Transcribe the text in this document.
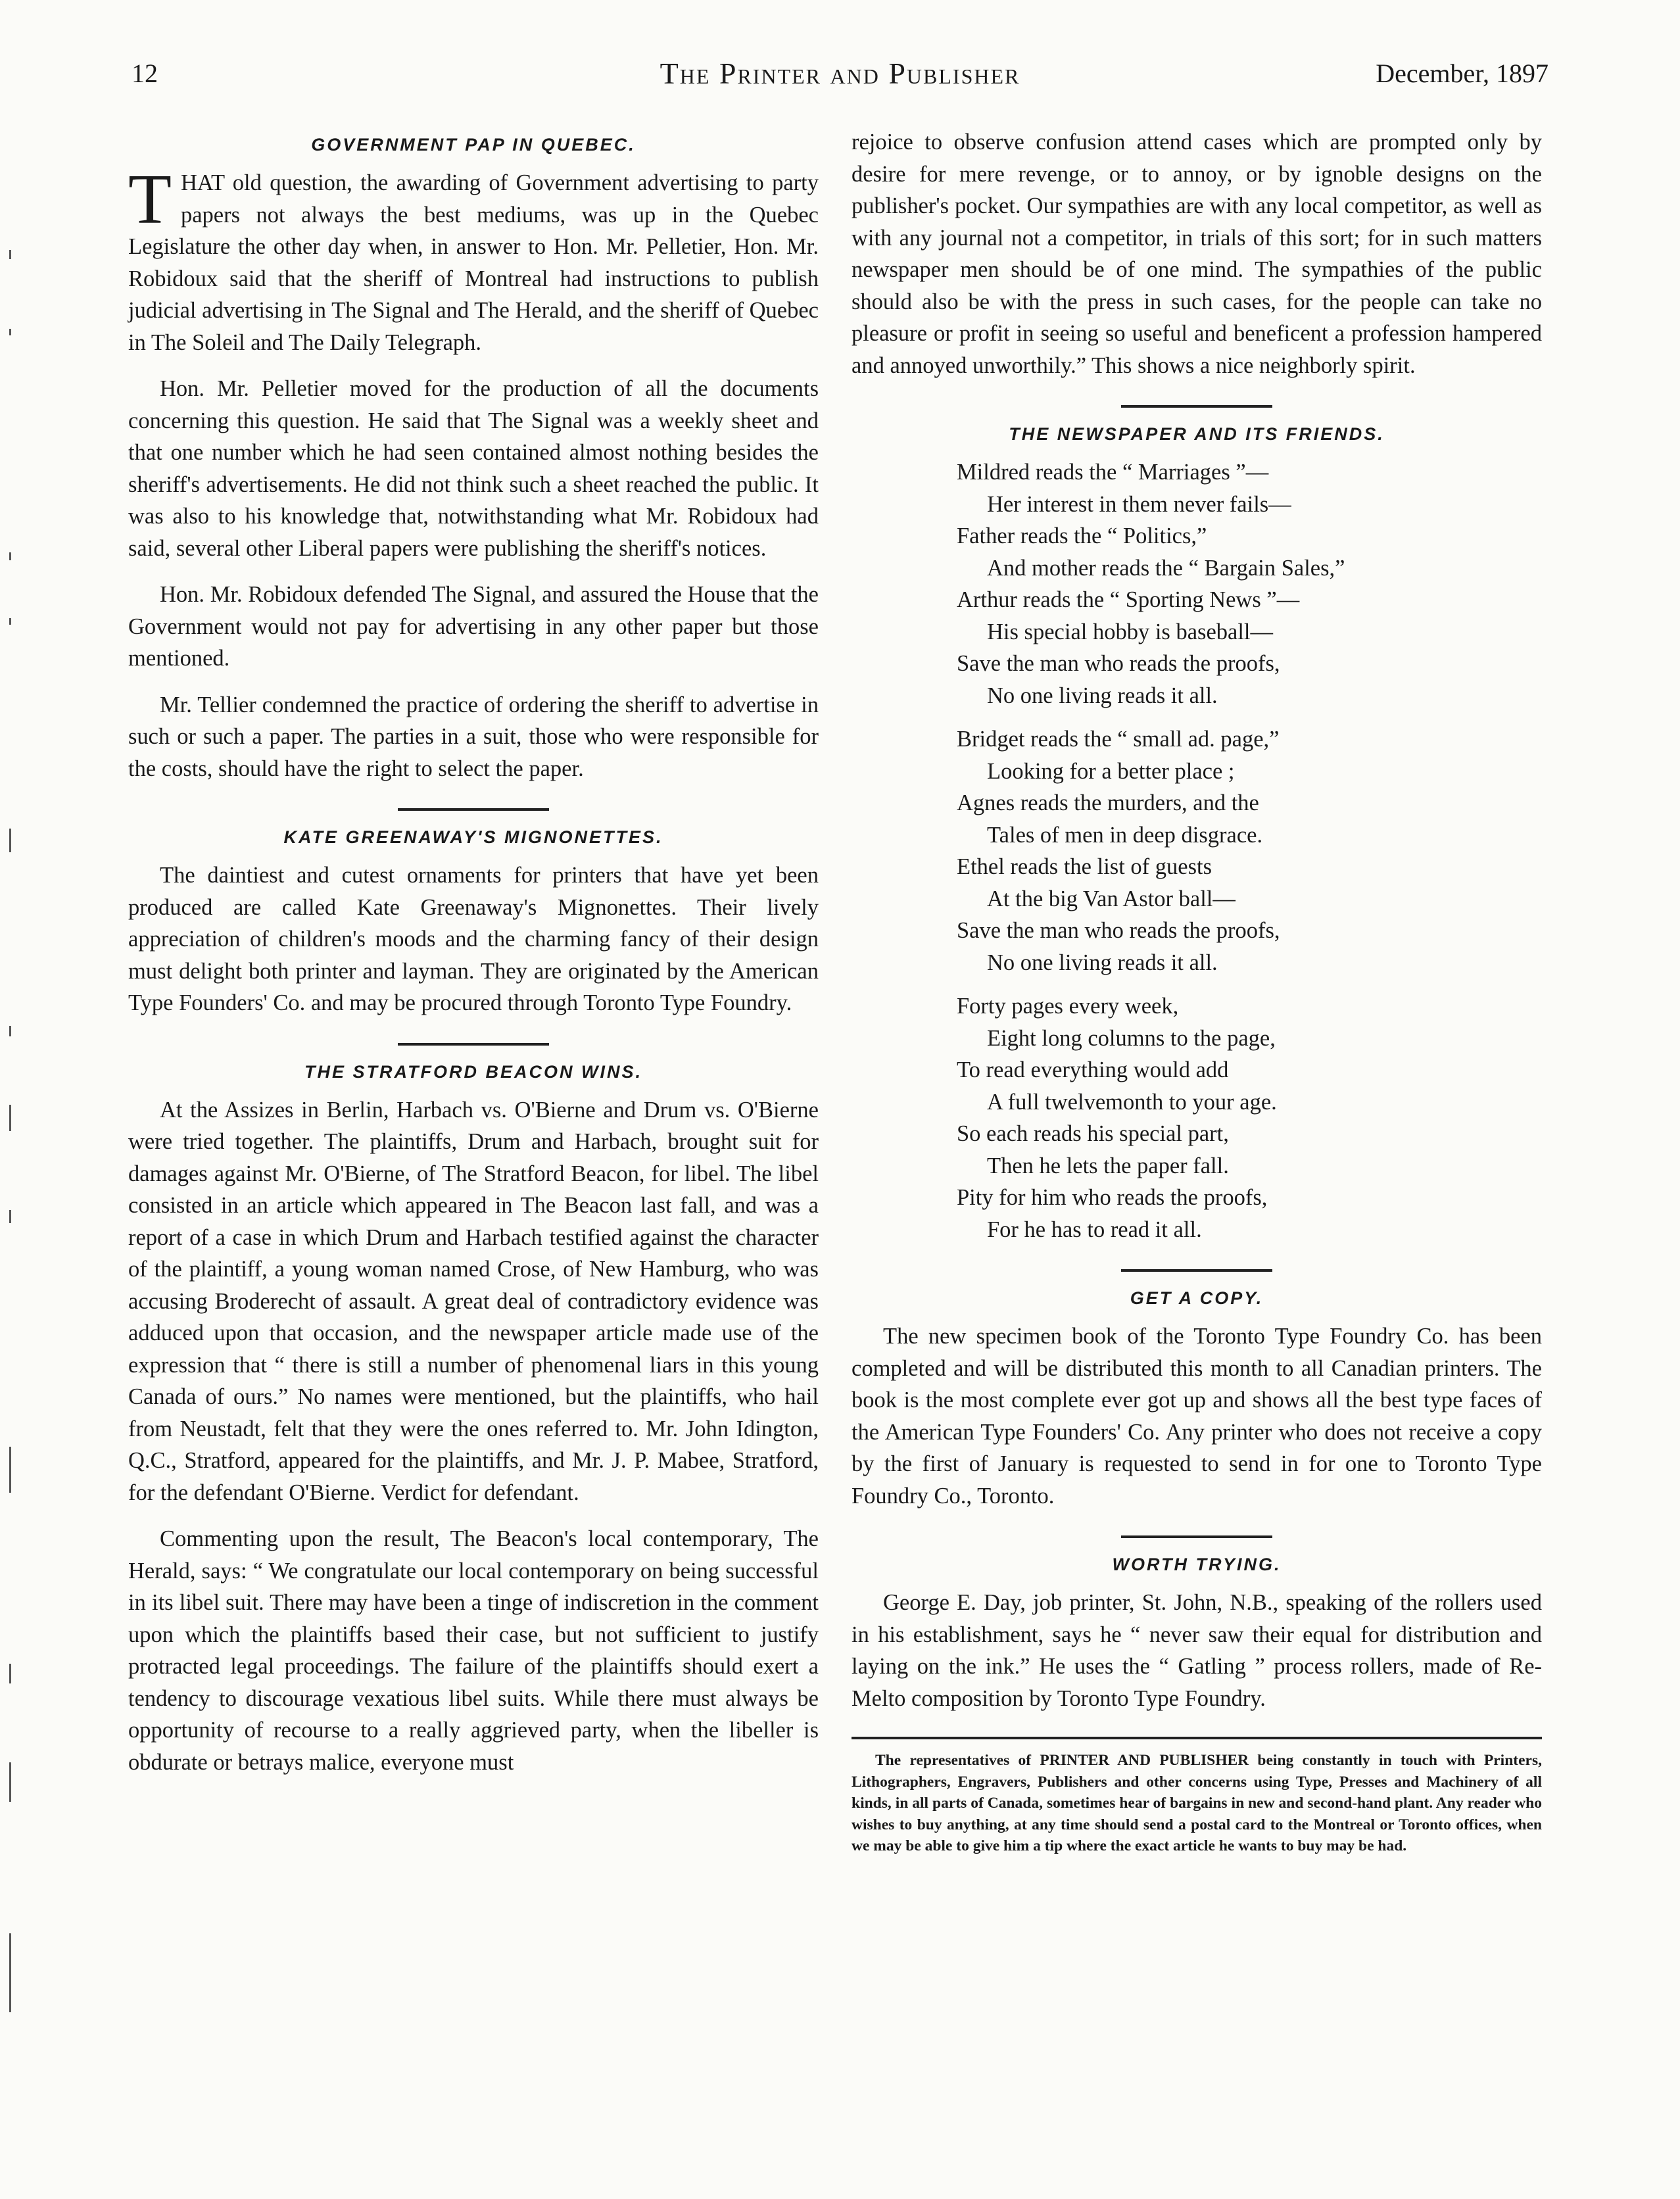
12	The Printer and Publisher	December, 1897
GOVERNMENT PAP IN QUEBEC.

THAT old question, the awarding of Government advertising to party papers not always the best mediums, was up in the Quebec Legislature the other day when, in answer to Hon. Mr. Pelletier, Hon. Mr. Robidoux said that the sheriff of Montreal had instructions to publish judicial advertising in The Signal and The Herald, and the sheriff of Quebec in The Soleil and The Daily Telegraph.

Hon. Mr. Pelletier moved for the production of all the documents concerning this question. He said that The Signal was a weekly sheet and that one number which he had seen contained almost nothing besides the sheriff's advertisements. He did not think such a sheet reached the public. It was also to his knowledge that, notwithstanding what Mr. Robidoux had said, several other Liberal papers were publishing the sheriff's notices.

Hon. Mr. Robidoux defended The Signal, and assured the House that the Government would not pay for advertising in any other paper but those mentioned.

Mr. Tellier condemned the practice of ordering the sheriff to advertise in such or such a paper. The parties in a suit, those who were responsible for the costs, should have the right to select the paper.

KATE GREENAWAY'S MIGNONETTES.

The daintiest and cutest ornaments for printers that have yet been produced are called Kate Greenaway's Mignonettes. Their lively appreciation of children's moods and the charming fancy of their design must delight both printer and layman. They are originated by the American Type Founders' Co. and may be procured through Toronto Type Foundry.

THE STRATFORD BEACON WINS.

At the Assizes in Berlin, Harbach vs. O'Bierne and Drum vs. O'Bierne were tried together. The plaintiffs, Drum and Harbach, brought suit for damages against Mr. O'Bierne, of The Stratford Beacon, for libel. The libel consisted in an article which appeared in The Beacon last fall, and was a report of a case in which Drum and Harbach testified against the character of the plaintiff, a young woman named Crose, of New Hamburg, who was accusing Broderecht of assault. A great deal of contradictory evidence was adduced upon that occasion, and the newspaper article made use of the expression that “ there is still a number of phenomenal liars in this young Canada of ours.” No names were mentioned, but the plaintiffs, who hail from Neustadt, felt that they were the ones referred to. Mr. John Idington, Q.C., Stratford, appeared for the plaintiffs, and Mr. J. P. Mabee, Stratford, for the defendant O'Bierne. Verdict for defendant.

Commenting upon the result, The Beacon's local contemporary, The Herald, says: “ We congratulate our local contemporary on being successful in its libel suit. There may have been a tinge of indiscretion in the comment upon which the plaintiffs based their case, but not sufficient to justify protracted legal proceedings. The failure of the plaintiffs should exert a tendency to discourage vexatious libel suits. While there must always be opportunity of recourse to a really aggrieved party, when the libeller is obdurate or betrays malice, everyone must

rejoice to observe confusion attend cases which are prompted only by desire for mere revenge, or to annoy, or by ignoble designs on the publisher's pocket. Our sympathies are with any local competitor, as well as with any journal not a competitor, in trials of this sort; for in such matters newspaper men should be of one mind. The sympathies of the public should also be with the press in such cases, for the people can take no pleasure or profit in seeing so useful and beneficent a profession hampered and annoyed unworthily.” This shows a nice neighborly spirit.

THE NEWSPAPER AND ITS FRIENDS.
Mildred reads the “ Marriages ”—
Her interest in them never fails—
Father reads the “ Politics,”
And mother reads the “ Bargain Sales,”
Arthur reads the “ Sporting News ”—
His special hobby is baseball—
Save the man who reads the proofs,
No one living reads it all.
Bridget reads the “ small ad. page,”
Looking for a better place ;
Agnes reads the murders, and the
Tales of men in deep disgrace.
Ethel reads the list of guests
At the big Van Astor ball—
Save the man who reads the proofs,
No one living reads it all.
Forty pages every week,
Eight long columns to the page,
To read everything would add
A full twelvemonth to your age.
So each reads his special part,
Then he lets the paper fall.
Pity for him who reads the proofs,
For he has to read it all.
GET A COPY.

The new specimen book of the Toronto Type Foundry Co. has been completed and will be distributed this month to all Canadian printers. The book is the most complete ever got up and shows all the best type faces of the American Type Founders' Co. Any printer who does not receive a copy by the first of January is requested to send in for one to Toronto Type Foundry Co., Toronto.

WORTH TRYING.

George E. Day, job printer, St. John, N.B., speaking of the rollers used in his establishment, says he “ never saw their equal for distribution and laying on the ink.” He uses the “ Gatling ” process rollers, made of Re-Melto composition by Toronto Type Foundry.

The representatives of PRINTER AND PUBLISHER being constantly in touch with Printers, Lithographers, Engravers, Publishers and other concerns using Type, Presses and Machinery of all kinds, in all parts of Canada, sometimes hear of bargains in new and second-hand plant. Any reader who wishes to buy anything, at any time should send a postal card to the Montreal or Toronto offices, when we may be able to give him a tip where the exact article he wants to buy may be had.
